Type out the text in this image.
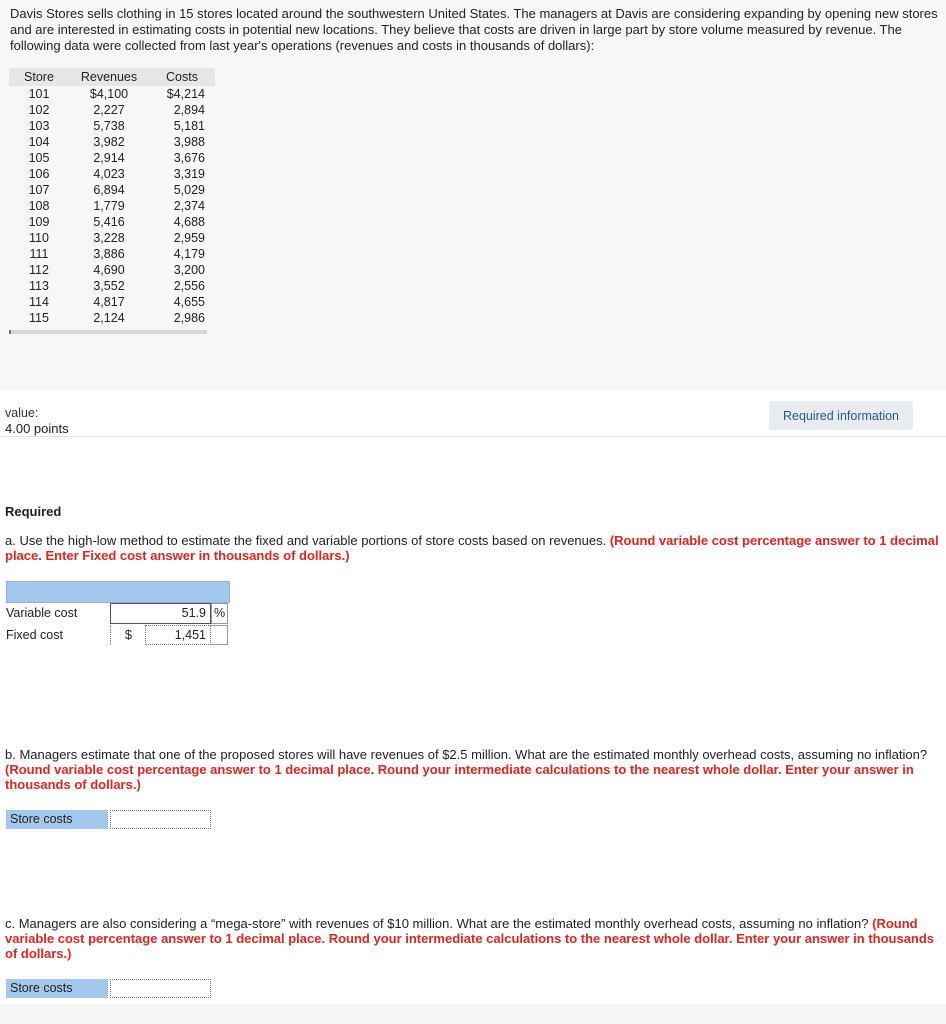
Davis Stores sells clothing in 15 stores located around the southwestern United States. The managers at Davis are considering expanding by opening new stores and are interested in estimating costs in potential new locations. They believe that costs are driven in large part by store volume measured by revenue. The following data were collected from last year's operations (revenues and costs in thousands of dollars):
Store	Revenues	Costs
101	$4,100	$4,214
102	2,227	2,894
103	5,738	5,181
104	3,982	3,988
105	2,914	3,676
106	4,023	3,319
107	6,894	5,029
108	1,779	2,374
109	5,416	4,688
110	3,228	2,959
111	3,886	4,179
112	4,690	3,200
113	3,552	2,556
114	4,817	4,655
115	2,124	2,986
value:
4.00 points
Required information
Required
a. Use the high-low method to estimate the fixed and variable portions of store costs based on revenues. (Round variable cost percentage answer to 1 decimal place. Enter Fixed cost answer in thousands of dollars.)
Variable cost	51.9 %
Fixed cost	$	1,451
b. Managers estimate that one of the proposed stores will have revenues of $2.5 million. What are the estimated monthly overhead costs, assuming no inflation? (Round variable cost percentage answer to 1 decimal place. Round your intermediate calculations to the nearest whole dollar. Enter your answer in thousands of dollars.)
Store costs
c. Managers are also considering a “mega-store” with revenues of $10 million. What are the estimated monthly overhead costs, assuming no inflation? (Round variable cost percentage answer to 1 decimal place. Round your intermediate calculations to the nearest whole dollar. Enter your answer in thousands of dollars.)
Store costs
